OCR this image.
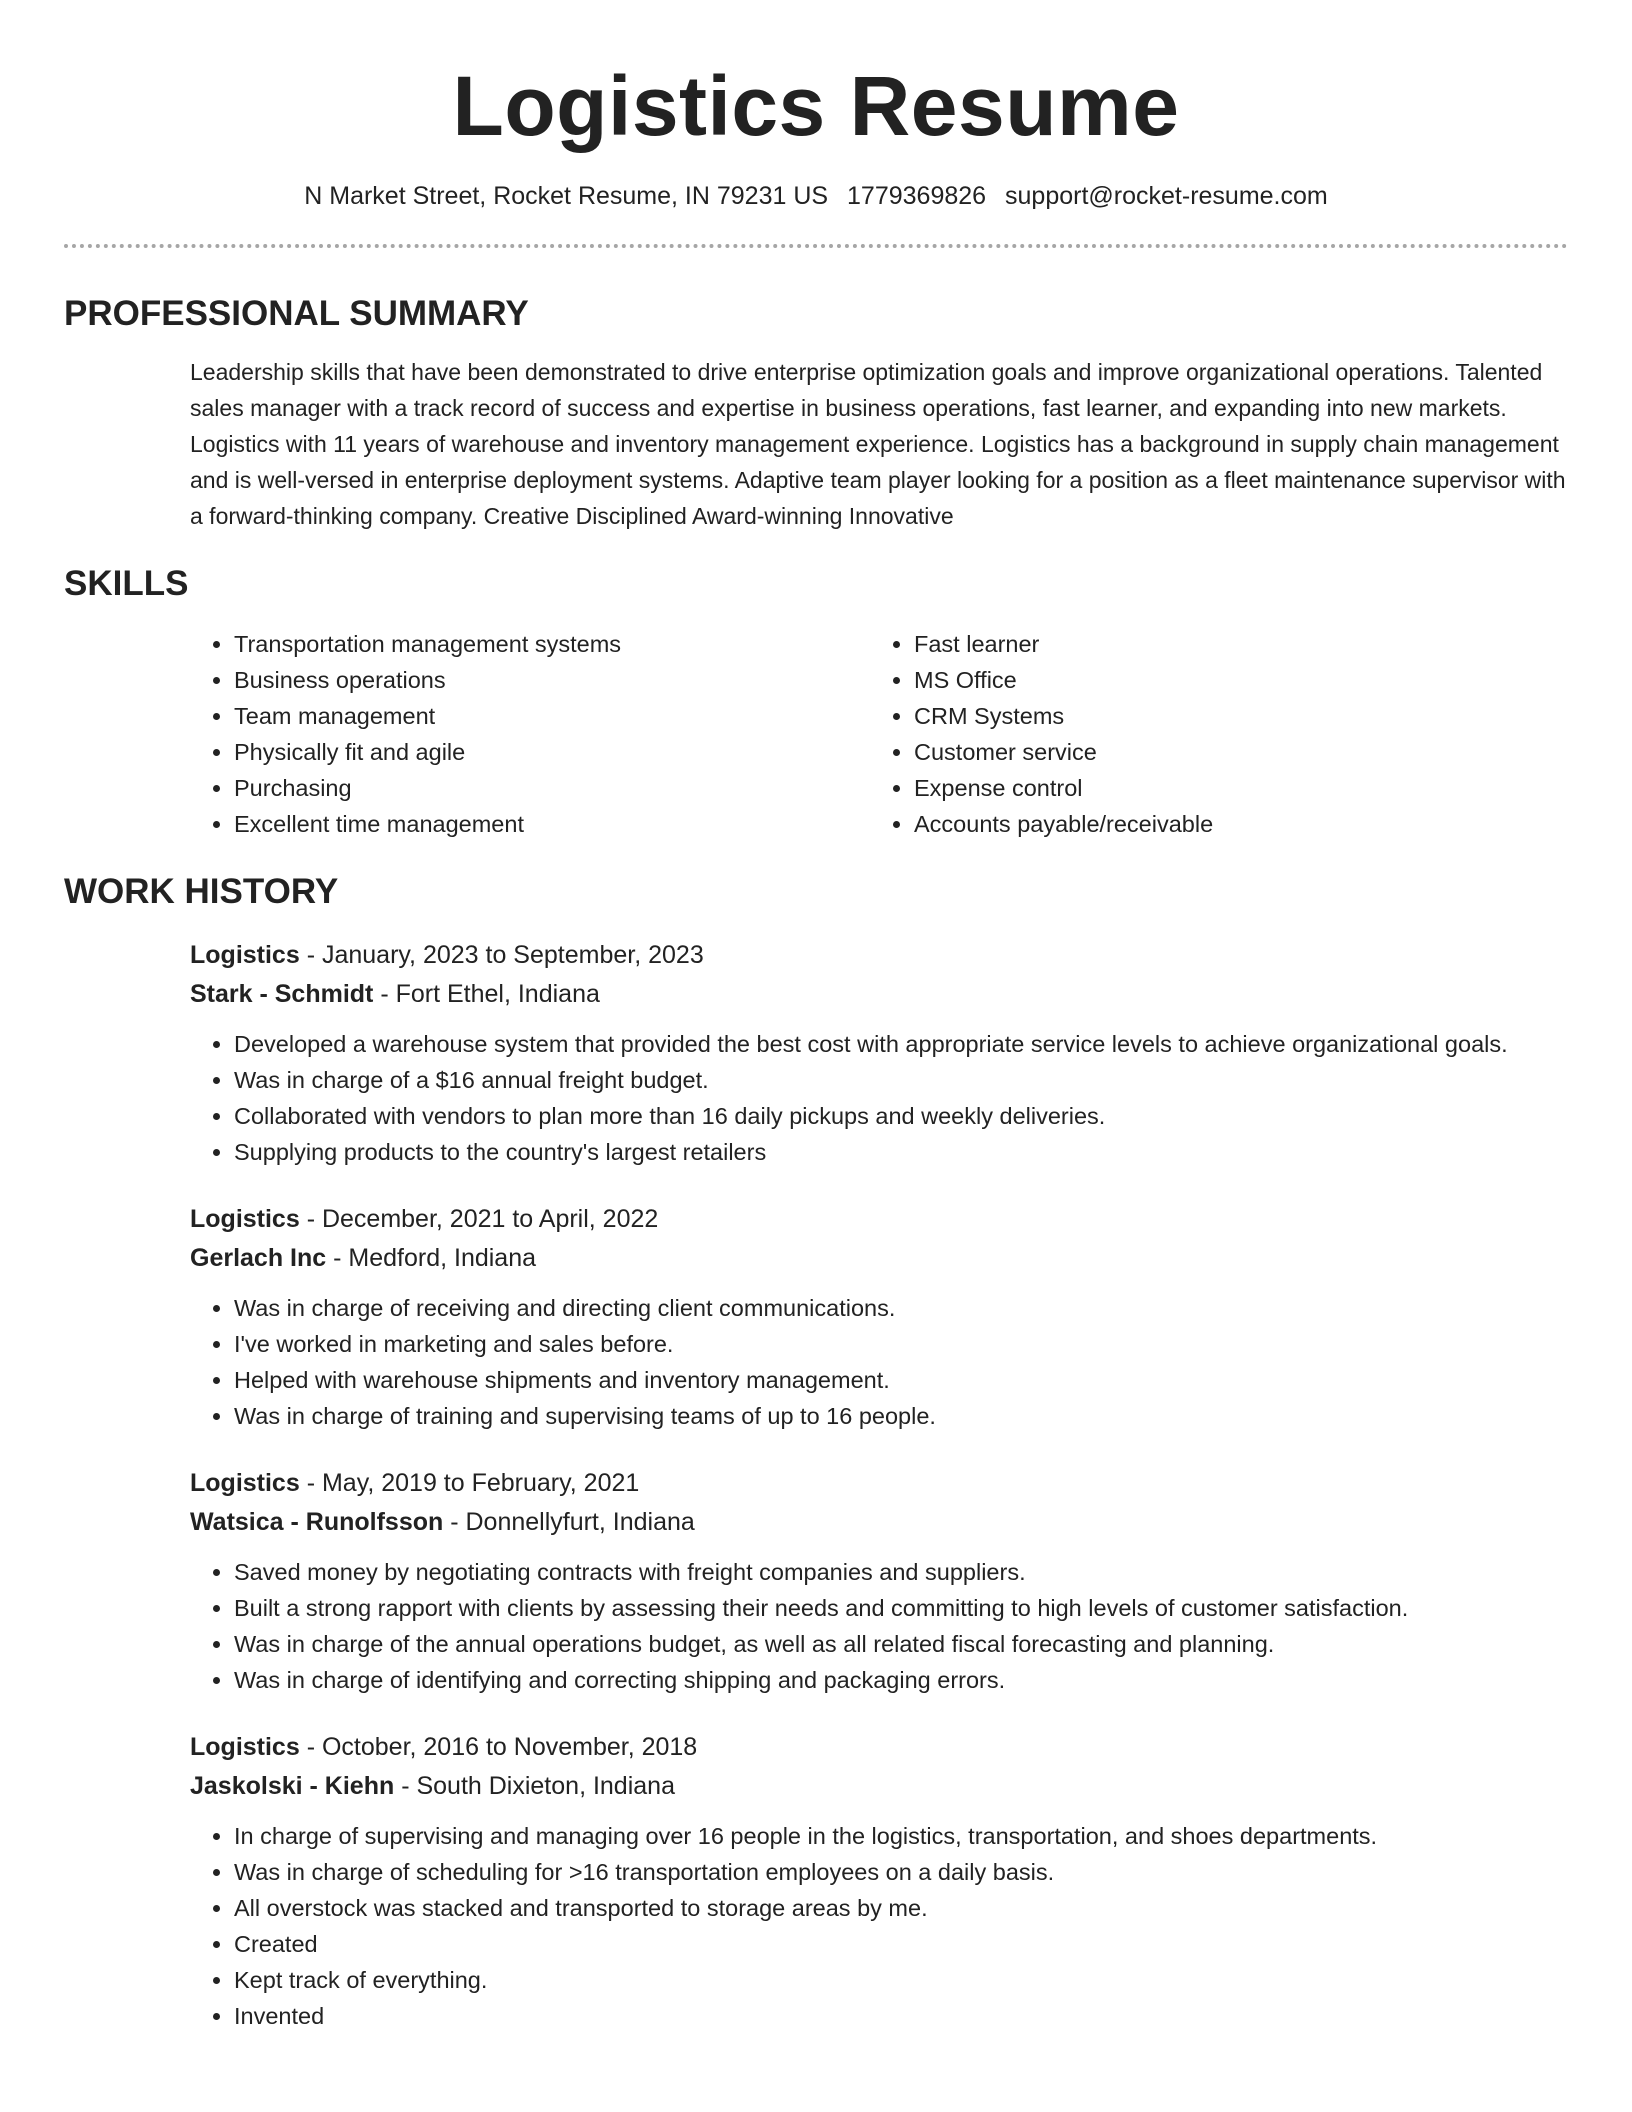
Logistics Resume
N Market Street, Rocket Resume, IN 79231 US 1779369826 support@rocket-resume.com
PROFESSIONAL SUMMARY
Leadership skills that have been demonstrated to drive enterprise optimization goals and improve organizational operations. Talented sales manager with a track record of success and expertise in business operations, fast learner, and expanding into new markets. Logistics with 11 years of warehouse and inventory management experience. Logistics has a background in supply chain management and is well-versed in enterprise deployment systems. Adaptive team player looking for a position as a fleet maintenance supervisor with a forward-thinking company. Creative Disciplined Award-winning Innovative
SKILLS
• Transportation management systems
• Business operations
• Team management
• Physically fit and agile
• Purchasing
• Excellent time management
• Fast learner
• MS Office
• CRM Systems
• Customer service
• Expense control
• Accounts payable/receivable
WORK HISTORY
Logistics - January, 2023 to September, 2023
Stark - Schmidt - Fort Ethel, Indiana
• Developed a warehouse system that provided the best cost with appropriate service levels to achieve organizational goals.
• Was in charge of a $16 annual freight budget.
• Collaborated with vendors to plan more than 16 daily pickups and weekly deliveries.
• Supplying products to the country's largest retailers
Logistics - December, 2021 to April, 2022
Gerlach Inc - Medford, Indiana
• Was in charge of receiving and directing client communications.
• I've worked in marketing and sales before.
• Helped with warehouse shipments and inventory management.
• Was in charge of training and supervising teams of up to 16 people.
Logistics - May, 2019 to February, 2021
Watsica - Runolfsson - Donnellyfurt, Indiana
• Saved money by negotiating contracts with freight companies and suppliers.
• Built a strong rapport with clients by assessing their needs and committing to high levels of customer satisfaction.
• Was in charge of the annual operations budget, as well as all related fiscal forecasting and planning.
• Was in charge of identifying and correcting shipping and packaging errors.
Logistics - October, 2016 to November, 2018
Jaskolski - Kiehn - South Dixieton, Indiana
• In charge of supervising and managing over 16 people in the logistics, transportation, and shoes departments.
• Was in charge of scheduling for >16 transportation employees on a daily basis.
• All overstock was stacked and transported to storage areas by me.
• Created
• Kept track of everything.
• Invented
